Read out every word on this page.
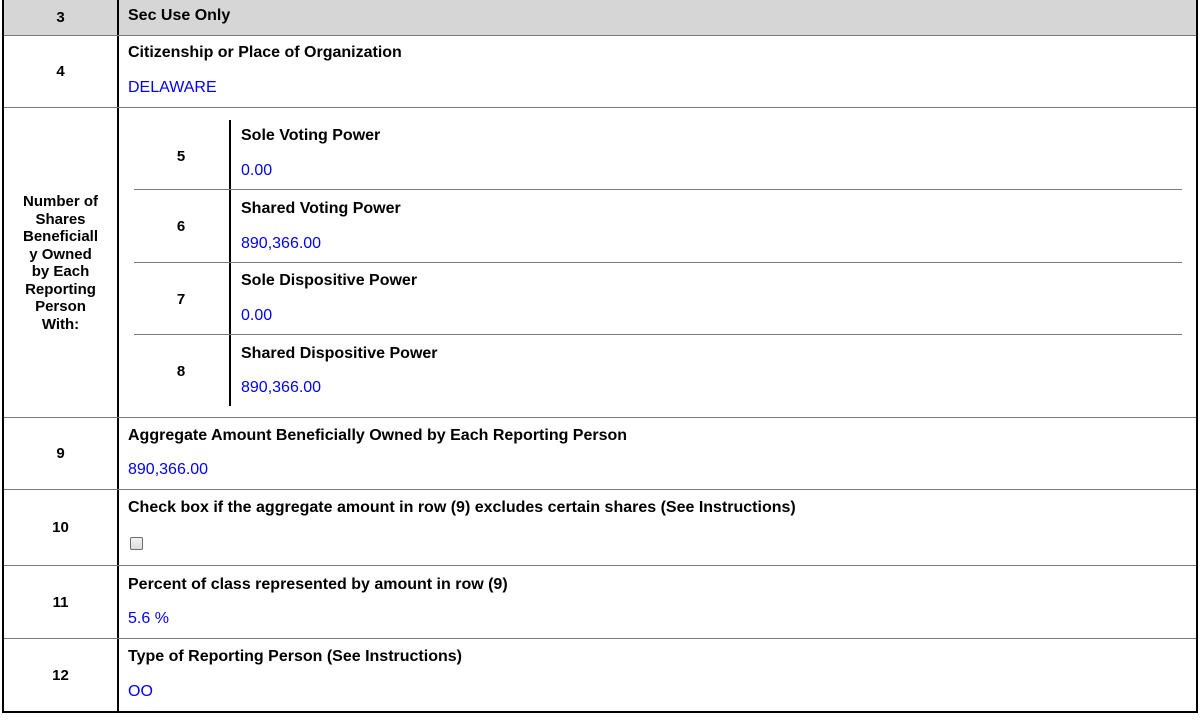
3	Sec Use Only
4
Citizenship or Place of Organization
DELAWARE
Number of
Shares
Beneficiall
y Owned
by Each
Reporting
Person
With:
5
Sole Voting Power
0.00
6
Shared Voting Power
890,366.00
7
Sole Dispositive Power
0.00
8
Shared Dispositive Power
890,366.00
9
Aggregate Amount Beneficially Owned by Each Reporting Person
890,366.00
10
Check box if the aggregate amount in row (9) excludes certain shares (See Instructions)
11
Percent of class represented by amount in row (9)
5.6 %
12
Type of Reporting Person (See Instructions)
OO
